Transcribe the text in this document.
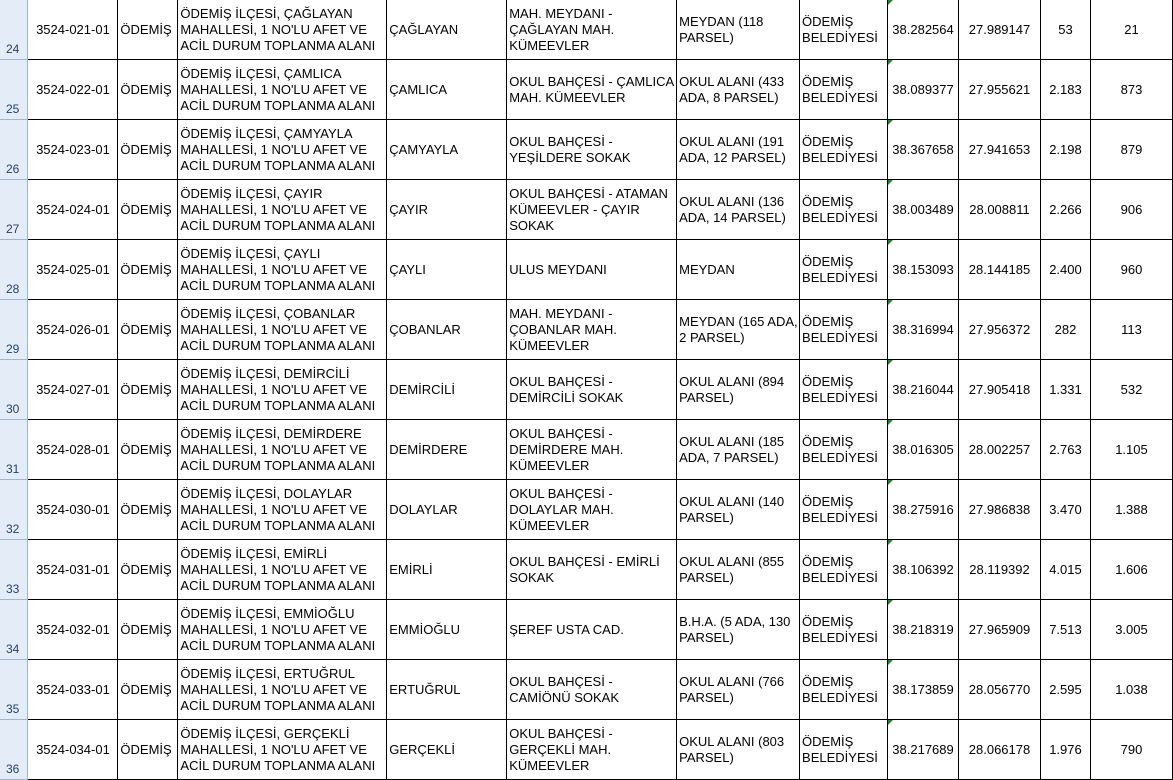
24	3524-021-01	ÖDEMİŞ	ÖDEMİŞ İLÇESİ, ÇAĞLAYAN MAHALLESİ, 1 NO'LU AFET VE ACİL DURUM TOPLANMA ALANI	ÇAĞLAYAN	MAH. MEYDANI - ÇAĞLAYAN MAH. KÜMEEVLER	MEYDAN (118 PARSEL)	ÖDEMİŞ BELEDİYESİ	38.282564	27.989147	53	21

25	3524-022-01	ÖDEMİŞ	ÖDEMİŞ İLÇESİ, ÇAMLICA MAHALLESİ, 1 NO'LU AFET VE ACİL DURUM TOPLANMA ALANI	ÇAMLICA	OKUL BAHÇESİ - ÇAMLICA MAH. KÜMEEVLER	OKUL ALANI (433 ADA, 8 PARSEL)	ÖDEMİŞ BELEDİYESİ	38.089377	27.955621	2.183	873

26	3524-023-01	ÖDEMİŞ	ÖDEMİŞ İLÇESİ, ÇAMYAYLA MAHALLESİ, 1 NO'LU AFET VE ACİL DURUM TOPLANMA ALANI	ÇAMYAYLA	OKUL BAHÇESİ - YEŞİLDERE SOKAK	OKUL ALANI (191 ADA, 12 PARSEL)	ÖDEMİŞ BELEDİYESİ	38.367658	27.941653	2.198	879

27	3524-024-01	ÖDEMİŞ	ÖDEMİŞ İLÇESİ, ÇAYIR MAHALLESİ, 1 NO'LU AFET VE ACİL DURUM TOPLANMA ALANI	ÇAYIR	OKUL BAHÇESİ - ATAMAN KÜMEEVLER - ÇAYIR SOKAK	OKUL ALANI (136 ADA, 14 PARSEL)	ÖDEMİŞ BELEDİYESİ	38.003489	28.008811	2.266	906

28	3524-025-01	ÖDEMİŞ	ÖDEMİŞ İLÇESİ, ÇAYLI MAHALLESİ, 1 NO'LU AFET VE ACİL DURUM TOPLANMA ALANI	ÇAYLI	ULUS MEYDANI	MEYDAN	ÖDEMİŞ BELEDİYESİ	38.153093	28.144185	2.400	960

29	3524-026-01	ÖDEMİŞ	ÖDEMİŞ İLÇESİ, ÇOBANLAR MAHALLESİ, 1 NO'LU AFET VE ACİL DURUM TOPLANMA ALANI	ÇOBANLAR	MAH. MEYDANI - ÇOBANLAR MAH. KÜMEEVLER	MEYDAN (165 ADA, 2 PARSEL)	ÖDEMİŞ BELEDİYESİ	38.316994	27.956372	282	113

30	3524-027-01	ÖDEMİŞ	ÖDEMİŞ İLÇESİ, DEMİRCİLİ MAHALLESİ, 1 NO'LU AFET VE ACİL DURUM TOPLANMA ALANI	DEMİRCİLİ	OKUL BAHÇESİ - DEMİRCİLİ SOKAK	OKUL ALANI (894 PARSEL)	ÖDEMİŞ BELEDİYESİ	38.216044	27.905418	1.331	532

31	3524-028-01	ÖDEMİŞ	ÖDEMİŞ İLÇESİ, DEMİRDERE MAHALLESİ, 1 NO'LU AFET VE ACİL DURUM TOPLANMA ALANI	DEMİRDERE	OKUL BAHÇESİ - DEMİRDERE MAH. KÜMEEVLER	OKUL ALANI (185 ADA, 7 PARSEL)	ÖDEMİŞ BELEDİYESİ	38.016305	28.002257	2.763	1.105

32	3524-030-01	ÖDEMİŞ	ÖDEMİŞ İLÇESİ, DOLAYLAR MAHALLESİ, 1 NO'LU AFET VE ACİL DURUM TOPLANMA ALANI	DOLAYLAR	OKUL BAHÇESİ - DOLAYLAR MAH. KÜMEEVLER	OKUL ALANI (140 PARSEL)	ÖDEMİŞ BELEDİYESİ	38.275916	27.986838	3.470	1.388

33	3524-031-01	ÖDEMİŞ	ÖDEMİŞ İLÇESİ, EMİRLİ MAHALLESİ, 1 NO'LU AFET VE ACİL DURUM TOPLANMA ALANI	EMİRLİ	OKUL BAHÇESİ - EMİRLİ SOKAK	OKUL ALANI (855 PARSEL)	ÖDEMİŞ BELEDİYESİ	38.106392	28.119392	4.015	1.606

34	3524-032-01	ÖDEMİŞ	ÖDEMİŞ İLÇESİ, EMMİOĞLU MAHALLESİ, 1 NO'LU AFET VE ACİL DURUM TOPLANMA ALANI	EMMİOĞLU	ŞEREF USTA CAD.	B.H.A. (5 ADA, 130 PARSEL)	ÖDEMİŞ BELEDİYESİ	38.218319	27.965909	7.513	3.005

35	3524-033-01	ÖDEMİŞ	ÖDEMİŞ İLÇESİ, ERTUĞRUL MAHALLESİ, 1 NO'LU AFET VE ACİL DURUM TOPLANMA ALANI	ERTUĞRUL	OKUL BAHÇESİ - CAMİÖNÜ SOKAK	OKUL ALANI (766 PARSEL)	ÖDEMİŞ BELEDİYESİ	38.173859	28.056770	2.595	1.038

36	3524-034-01	ÖDEMİŞ	ÖDEMİŞ İLÇESİ, GERÇEKLİ MAHALLESİ, 1 NO'LU AFET VE ACİL DURUM TOPLANMA ALANI	GERÇEKLİ	OKUL BAHÇESİ - GERÇEKLİ MAH. KÜMEEVLER	OKUL ALANI (803 PARSEL)	ÖDEMİŞ BELEDİYESİ	38.217689	28.066178	1.976	790
